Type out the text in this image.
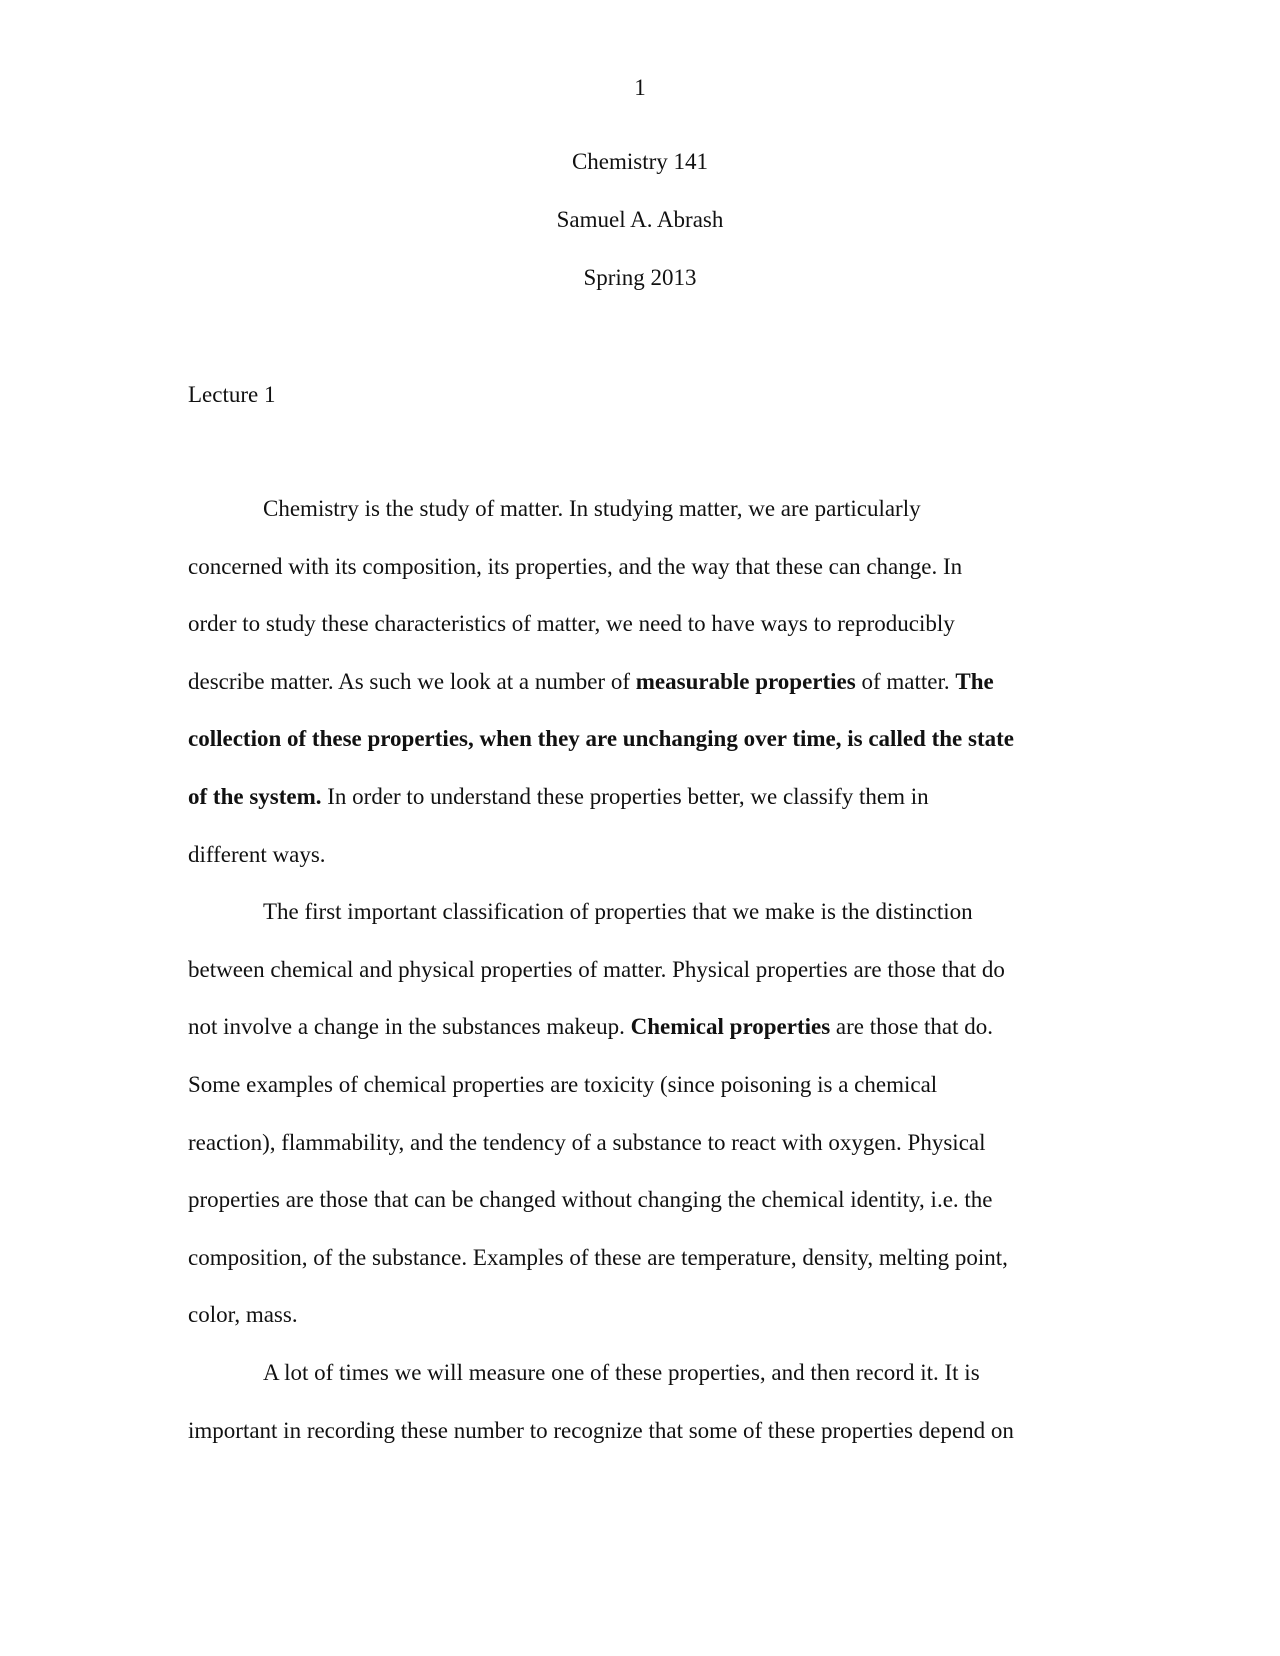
1
Chemistry 141
Samuel A. Abrash
Spring 2013
Lecture 1
Chemistry is the study of matter. In studying matter, we are particularly
concerned with its composition, its properties, and the way that these can change. In
order to study these characteristics of matter, we need to have ways to reproducibly
describe matter. As such we look at a number of measurable properties of matter. The
collection of these properties, when they are unchanging over time, is called the state
of the system. In order to understand these properties better, we classify them in
different ways.
The first important classification of properties that we make is the distinction
between chemical and physical properties of matter. Physical properties are those that do
not involve a change in the substances makeup. Chemical properties are those that do.
Some examples of chemical properties are toxicity (since poisoning is a chemical
reaction), flammability, and the tendency of a substance to react with oxygen. Physical
properties are those that can be changed without changing the chemical identity, i.e. the
composition, of the substance. Examples of these are temperature, density, melting point,
color, mass.
A lot of times we will measure one of these properties, and then record it. It is
important in recording these number to recognize that some of these properties depend on
